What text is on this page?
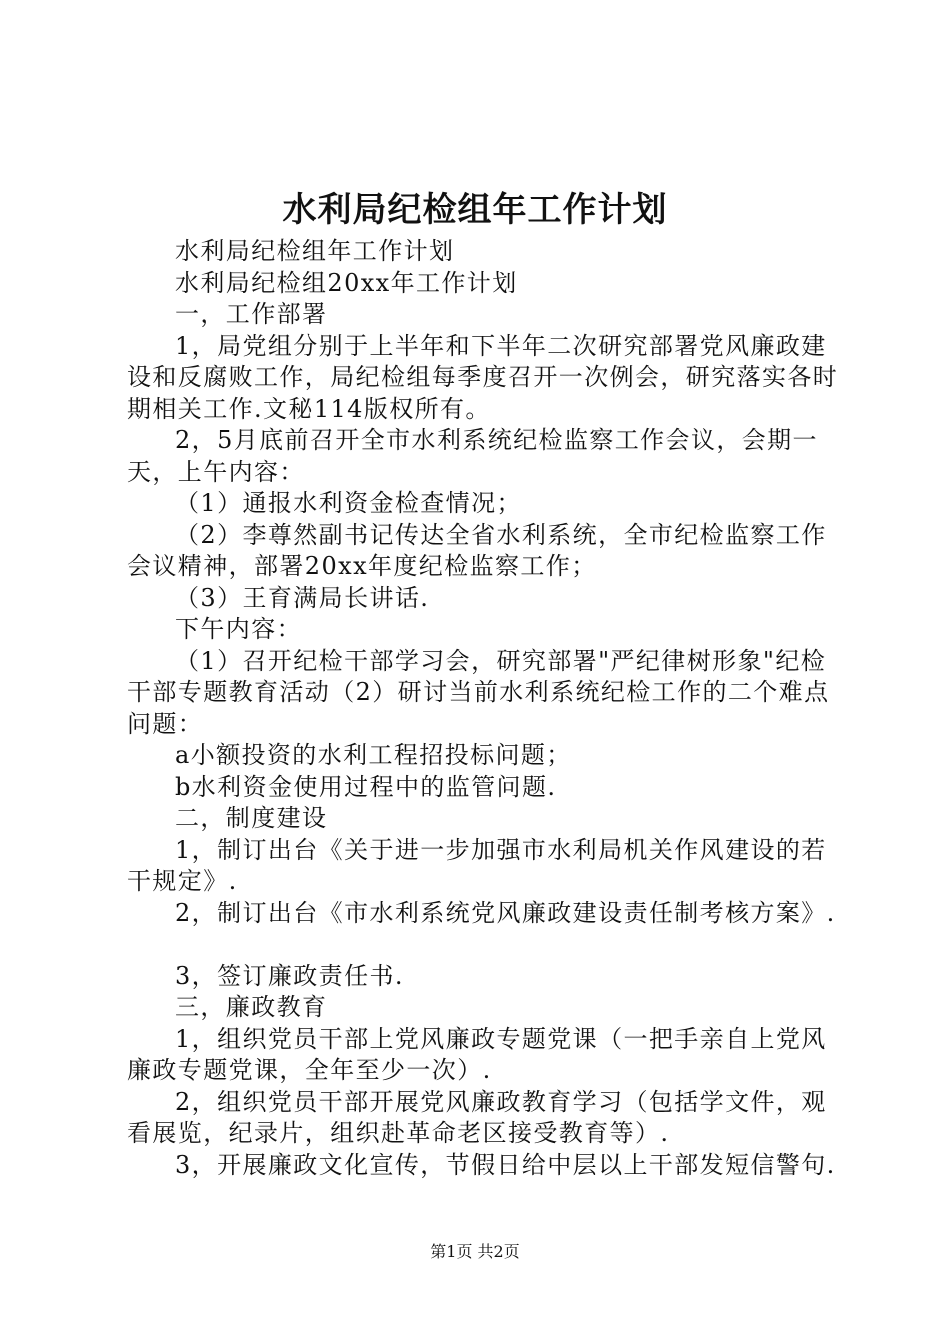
水利局纪检组年工作计划

水利局纪检组年工作计划

水利局纪检组20xx年工作计划

一，工作部署

1，局党组分别于上半年和下半年二次研究部署党风廉政建设和反腐败工作，局纪检组每季度召开一次例会，研究落实各时期相关工作.文秘114版权所有。

2，5月底前召开全市水利系统纪检监察工作会议，会期一天，上午内容：

（1）通报水利资金检查情况；

（2）李尊然副书记传达全省水利系统，全市纪检监察工作会议精神，部署20xx年度纪检监察工作；

（3）王育满局长讲话.

下午内容：

（1）召开纪检干部学习会，研究部署"严纪律树形象"纪检干部专题教育活动（2）研讨当前水利系统纪检工作的二个难点问题：

a小额投资的水利工程招投标问题；

b水利资金使用过程中的监管问题.

二，制度建设

1，制订出台《关于进一步加强市水利局机关作风建设的若干规定》.

2，制订出台《市水利系统党风廉政建设责任制考核方案》.

3，签订廉政责任书.

三，廉政教育

1，组织党员干部上党风廉政专题党课（一把手亲自上党风廉政专题党课，全年至少一次）.

2，组织党员干部开展党风廉政教育学习（包括学文件，观看展览，纪录片，组织赴革命老区接受教育等）.

3，开展廉政文化宣传，节假日给中层以上干部发短信警句.

第1页 共2页
